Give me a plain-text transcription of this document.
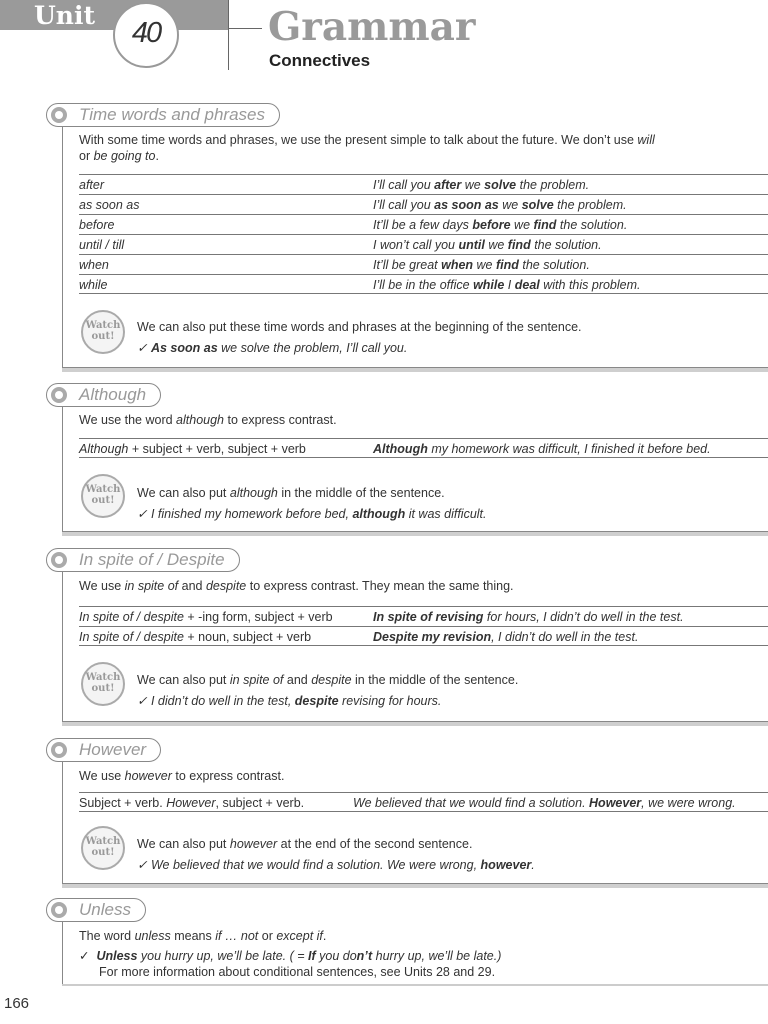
Unit
40	Grammar
Connectives
With some time words and phrases, we use the present simple to talk about the future. We don’t use will
or be going to.
after	I’ll call you after we solve the problem.
as soon as	I’ll call you as soon as we solve the problem.
before	It’ll be a few days before we find the solution.
until / till	I won’t call you until we find the solution.
when	It’ll be great when we find the solution.
while	I’ll be in the office while I deal with this problem.
Watch out!
We can also put these time words and phrases at the beginning of the sentence.
✓ As soon as we solve the problem, I’ll call you.
Time words and phrases
We use the word although to express contrast.
Although + subject + verb, subject + verb	Although my homework was difficult, I finished it before bed.
Watch out!
We can also put although in the middle of the sentence.
✓ I finished my homework before bed, although it was difficult.
Although
We use in spite of and despite to express contrast. They mean the same thing.
In spite of / despite + -ing form, subject + verb	In spite of revising for hours, I didn’t do well in the test.
In spite of / despite + noun, subject + verb	Despite my revision, I didn’t do well in the test.
Watch out!
We can also put in spite of and despite in the middle of the sentence.
✓ I didn’t do well in the test, despite revising for hours.
In spite of / Despite
We use however to express contrast.
Subject + verb. However, subject + verb.	We believed that we would find a solution. However, we were wrong.
Watch out!
We can also put however at the end of the second sentence.
✓ We believed that we would find a solution. We were wrong, however.
However
The word unless means if … not or except if.
✓ Unless you hurry up, we’ll be late. ( = If you don’t hurry up, we’ll be late.)
For more information about conditional sentences, see Units 28 and 29.
Unless
166
